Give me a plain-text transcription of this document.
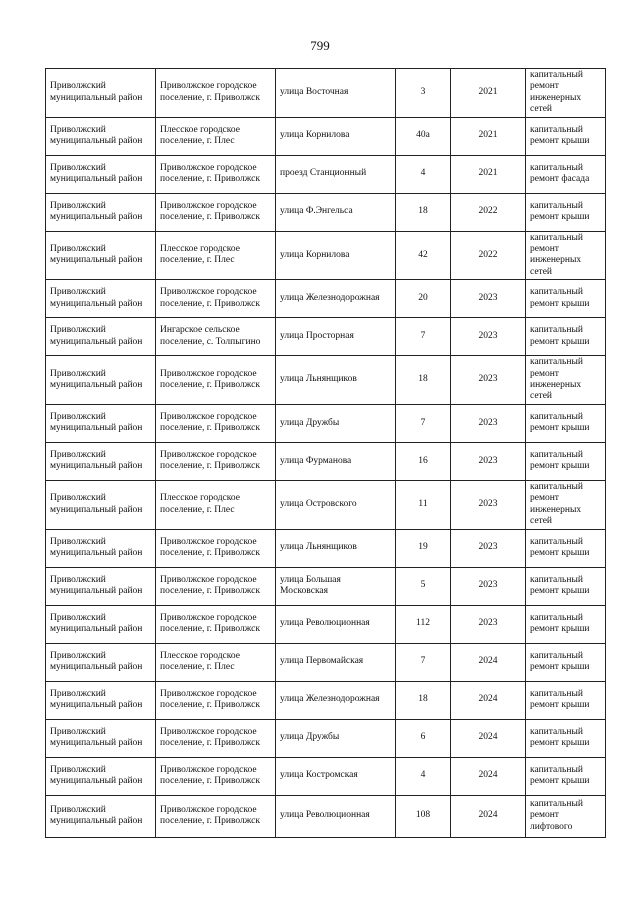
799
Приволжский муниципальный район	Приволжское городское поселение, г. Приволжск	улица Восточная	3	2021	капитальный ремонт инженерных сетей
Приволжский муниципальный район	Плесское городское поселение, г. Плес	улица Корнилова	40а	2021	капитальный ремонт крыши
Приволжский муниципальный район	Приволжское городское поселение, г. Приволжск	проезд Станционный	4	2021	капитальный ремонт фасада
Приволжский муниципальный район	Приволжское городское поселение, г. Приволжск	улица Ф.Энгельса	18	2022	капитальный ремонт крыши
Приволжский муниципальный район	Плесское городское поселение, г. Плес	улица Корнилова	42	2022	капитальный ремонт инженерных сетей
Приволжский муниципальный район	Приволжское городское поселение, г. Приволжск	улица Железнодорожная	20	2023	капитальный ремонт крыши
Приволжский муниципальный район	Ингарское сельское поселение, с. Толпыгино	улица Просторная	7	2023	капитальный ремонт крыши
Приволжский муниципальный район	Приволжское городское поселение, г. Приволжск	улица Льнянщиков	18	2023	капитальный ремонт инженерных сетей
Приволжский муниципальный район	Приволжское городское поселение, г. Приволжск	улица Дружбы	7	2023	капитальный ремонт крыши
Приволжский муниципальный район	Приволжское городское поселение, г. Приволжск	улица Фурманова	16	2023	капитальный ремонт крыши
Приволжский муниципальный район	Плесское городское поселение, г. Плес	улица Островского	11	2023	капитальный ремонт инженерных сетей
Приволжский муниципальный район	Приволжское городское поселение, г. Приволжск	улица Льнянщиков	19	2023	капитальный ремонт крыши
Приволжский муниципальный район	Приволжское городское поселение, г. Приволжск	улица Большая Московская	5	2023	капитальный ремонт крыши
Приволжский муниципальный район	Приволжское городское поселение, г. Приволжск	улица Революционная	112	2023	капитальный ремонт крыши
Приволжский муниципальный район	Плесское городское поселение, г. Плес	улица Первомайская	7	2024	капитальный ремонт крыши
Приволжский муниципальный район	Приволжское городское поселение, г. Приволжск	улица Железнодорожная	18	2024	капитальный ремонт крыши
Приволжский муниципальный район	Приволжское городское поселение, г. Приволжск	улица Дружбы	6	2024	капитальный ремонт крыши
Приволжский муниципальный район	Приволжское городское поселение, г. Приволжск	улица Костромская	4	2024	капитальный ремонт крыши
Приволжский муниципальный район	Приволжское городское поселение, г. Приволжск	улица Революционная	108	2024	капитальный ремонт лифтового
